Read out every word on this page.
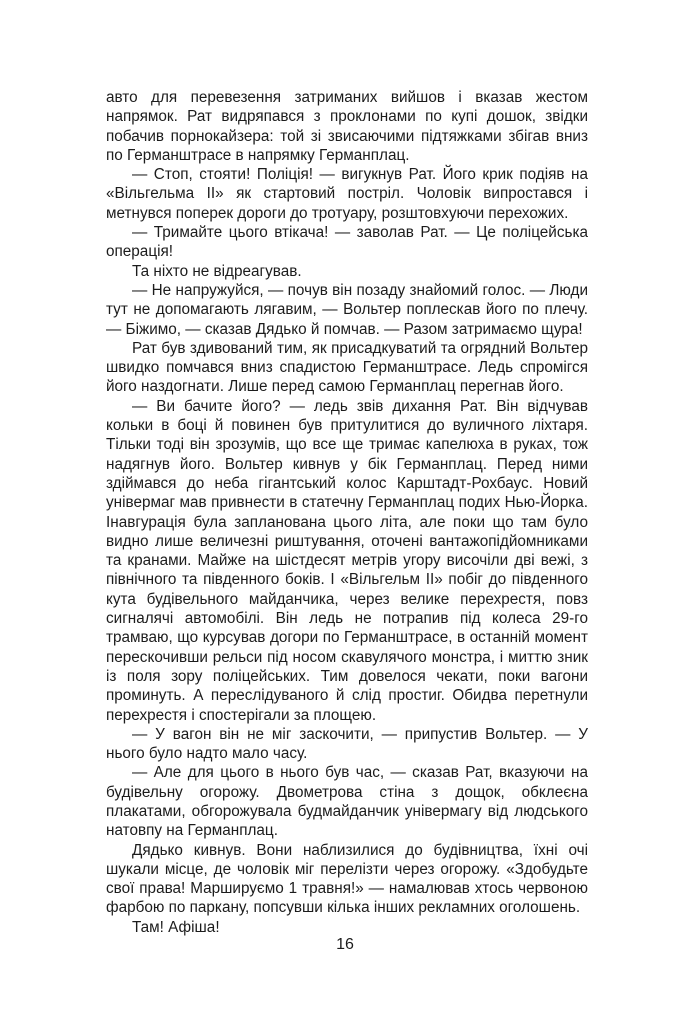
авто для перевезення затриманих вийшов і вказав жестом напрямок. Рат видряпався з проклонами по купі дошок, звідки побачив порнокайзера: той зі звисаючими підтяжками збігав вниз по Германштрасе в напрямку Германплац.

— Стоп, стояти! Поліція! — вигукнув Рат. Його крик подіяв на «Вільгельма II» як стартовий постріл. Чоловік випростався і метнувся поперек дороги до тротуару, розштовхуючи перехожих.

— Тримайте цього втікача! — заволав Рат. — Це поліцейська операція!

Та ніхто не відреагував.

— Не напружуйся, — почув він позаду знайомий голос. — Люди тут не допомагають лягавим, — Вольтер поплескав його по плечу. — Біжимо, — сказав Дядько й помчав. — Разом затримаємо щура!

Рат був здивований тим, як присадкуватий та огрядний Вольтер швидко помчався вниз спадистою Германштрасе. Ледь спромігся його наздогнати. Лише перед самою Германплац перегнав його.

— Ви бачите його? — ледь звів дихання Рат. Він відчував кольки в боці й повинен був притулитися до вуличного ліхтаря. Тільки тоді він зрозумів, що все ще тримає капелюха в руках, тож надягнув його. Вольтер кивнув у бік Германплац. Перед ними здіймався до неба гігантський колос Карштадт-Рохбаус. Новий універмаг мав привнести в статечну Германплац подих Нью-Йорка. Інавгурація була запланована цього літа, але поки що там було видно лише величезні риштування, оточені вантажопідйомниками та кранами. Майже на шістдесят метрів угору височіли дві вежі, з північного та південного боків. І «Вільгельм II» побіг до південного кута будівельного майданчика, через велике перехрестя, повз сигналячі автомобілі. Він ледь не потрапив під колеса 29-го трамваю, що курсував догори по Германштрасе, в останній момент перескочивши рельси під носом скавулячого монстра, і миттю зник із поля зору поліцейських. Тим довелося чекати, поки вагони проминуть. А переслідуваного й слід простиг. Обидва перетнули перехрестя і спостерігали за площею.

— У вагон він не міг заскочити, — припустив Вольтер. — У нього було надто мало часу.

— Але для цього в нього був час, — сказав Рат, вказуючи на будівельну огорожу. Двометрова стіна з дощок, обклеєна плакатами, обгорожувала будмайданчик універмагу від людського натовпу на Германплац.

Дядько кивнув. Вони наблизилися до будівництва, їхні очі шукали місце, де чоловік міг перелізти через огорожу. «Здобудьте свої права! Маршируємо 1 травня!» — намалював хтось червоною фарбою по паркану, попсувши кілька інших рекламних оголошень.

Там! Афіша!

16
